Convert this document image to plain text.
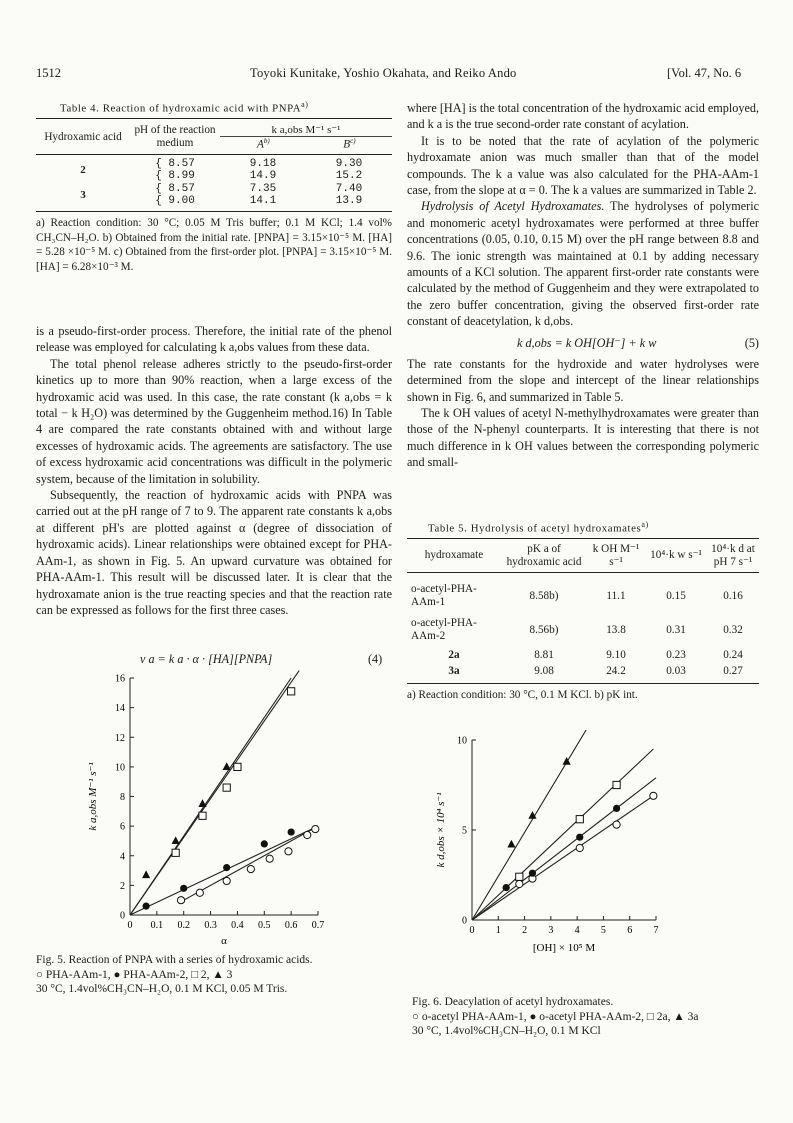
1512	Toyoki Kunitake, Yoshio Okahata, and Reiko Ando	[Vol. 47, No. 6
Table 4. Reaction of hydroxamic acid with PNPA$^{a)}$
Hydroxamic acid	pH of the reaction medium	k a,obs M⁻¹ s⁻¹	
		$A^{b)}$	$B^{c)}$
2	{ 8.57	9.18	9.30
	{ 8.99	14.9	15.2
3	{ 8.57	7.35	7.40
	{ 9.00	14.1	13.9
a) Reaction condition: 30 °C; 0.05 M Tris buffer; 0.1 M KCl; 1.4 vol% CH₃CN–H₂O. b) Obtained from the initial rate. [PNPA] = 3.15×10⁻⁵ M. [HA] = 5.28 ×10⁻⁵ M. c) Obtained from the first-order plot. [PNPA] = 3.15×10⁻⁵ M. [HA] = 6.28×10⁻³ M.

is a pseudo-first-order process. Therefore, the initial rate of the phenol release was employed for calculating k a,obs values from these data.

The total phenol release adheres strictly to the pseudo-first-order kinetics up to more than 90% reaction, when a large excess of the hydroxamic acid was used. In this case, the rate constant (k a,obs = k total − k H₂O) was determined by the Guggenheim method.16) In Table 4 are compared the rate constants obtained with and without large excesses of hydroxamic acids. The agreements are satisfactory. The use of excess hydroxamic acid concentrations was difficult in the polymeric system, because of the limitation in solubility.

Subsequently, the reaction of hydroxamic acids with PNPA was carried out at the pH range of 7 to 9. The apparent rate constants k a,obs at different pH's are plotted against α (degree of dissociation of hydroxamic acids). Linear relationships were obtained except for PHA-AAm-1, as shown in Fig. 5. An upward curvature was obtained for PHA-AAm-1. This result will be discussed later. It is clear that the hydroxamate anion is the true reacting species and that the reaction rate can be expressed as follows for the first three cases.

v a = k a · α · [HA][PNPA]	(4)

where [HA] is the total concentration of the hydroxamic acid employed, and k a is the true second-order rate constant of acylation.

It is to be noted that the rate of acylation of the polymeric hydroxamate anion was much smaller than that of the model compounds. The k a value was also calculated for the PHA-AAm-1 case, from the slope at α = 0. The k a values are summarized in Table 2.

Hydrolysis of Acetyl Hydroxamates. The hydrolyses of polymeric and monomeric acetyl hydroxamates were performed at three buffer concentrations (0.05, 0.10, 0.15 M) over the pH range between 8.8 and 9.6. The ionic strength was maintained at 0.1 by adding necessary amounts of a KCl solution. The apparent first-order rate constants were calculated by the method of Guggenheim and they were extrapolated to the zero buffer concentration, giving the observed first-order rate constant of deacetylation, k d,obs.

k d,obs = k OH[OH⁻] + k w	(5)

The rate constants for the hydroxide and water hydrolyses were determined from the slope and intercept of the linear relationships shown in Fig. 6, and summarized in Table 5.

The k OH values of acetyl N-methylhydroxamates were greater than those of the N-phenyl counterparts. It is interesting that there is not much difference in k OH values between the corresponding polymeric and small-

Table 5. Hydrolysis of acetyl hydroxamates$^{a)}$
hydroxamate	pK a of hydroxamic acid	k OH M⁻¹ s⁻¹	10⁴·k w s⁻¹	10⁴·k d at pH 7 s⁻¹
o-acetyl-PHA-AAm-1	8.58b)	11.1	0.15	0.16
o-acetyl-PHA-AAm-2	8.56b)	13.8	0.31	0.32
2a	8.81	9.10	0.23	0.24
3a	9.08	24.2	0.03	0.27
a) Reaction condition: 30 °C, 0.1 M KCl. b) pK int.
0 0.1 0.2 0.3 0.4 0.5 0.6 0.7
0
2
4
6
8
10
12
14
16
α
k a,obs M⁻¹ s⁻¹
Fig. 5. Reaction of PNPA with a series of hydroxamic acids.
○ PHA-AAm-1, ● PHA-AAm-2, □ 2, ▲ 3
30 °C, 1.4vol%CH₃CN–H₂O, 0.1 M KCl, 0.05 M Tris.
0 1 2 3 4 5 6 7
0
5
10
[OH] × 10⁵ M
k d,obs × 10⁴ s⁻¹
Fig. 6. Deacylation of acetyl hydroxamates.
○ o-acetyl PHA-AAm-1, ● o-acetyl PHA-AAm-2, □ 2a, ▲ 3a
30 °C, 1.4vol%CH₃CN–H₂O, 0.1 M KCl
